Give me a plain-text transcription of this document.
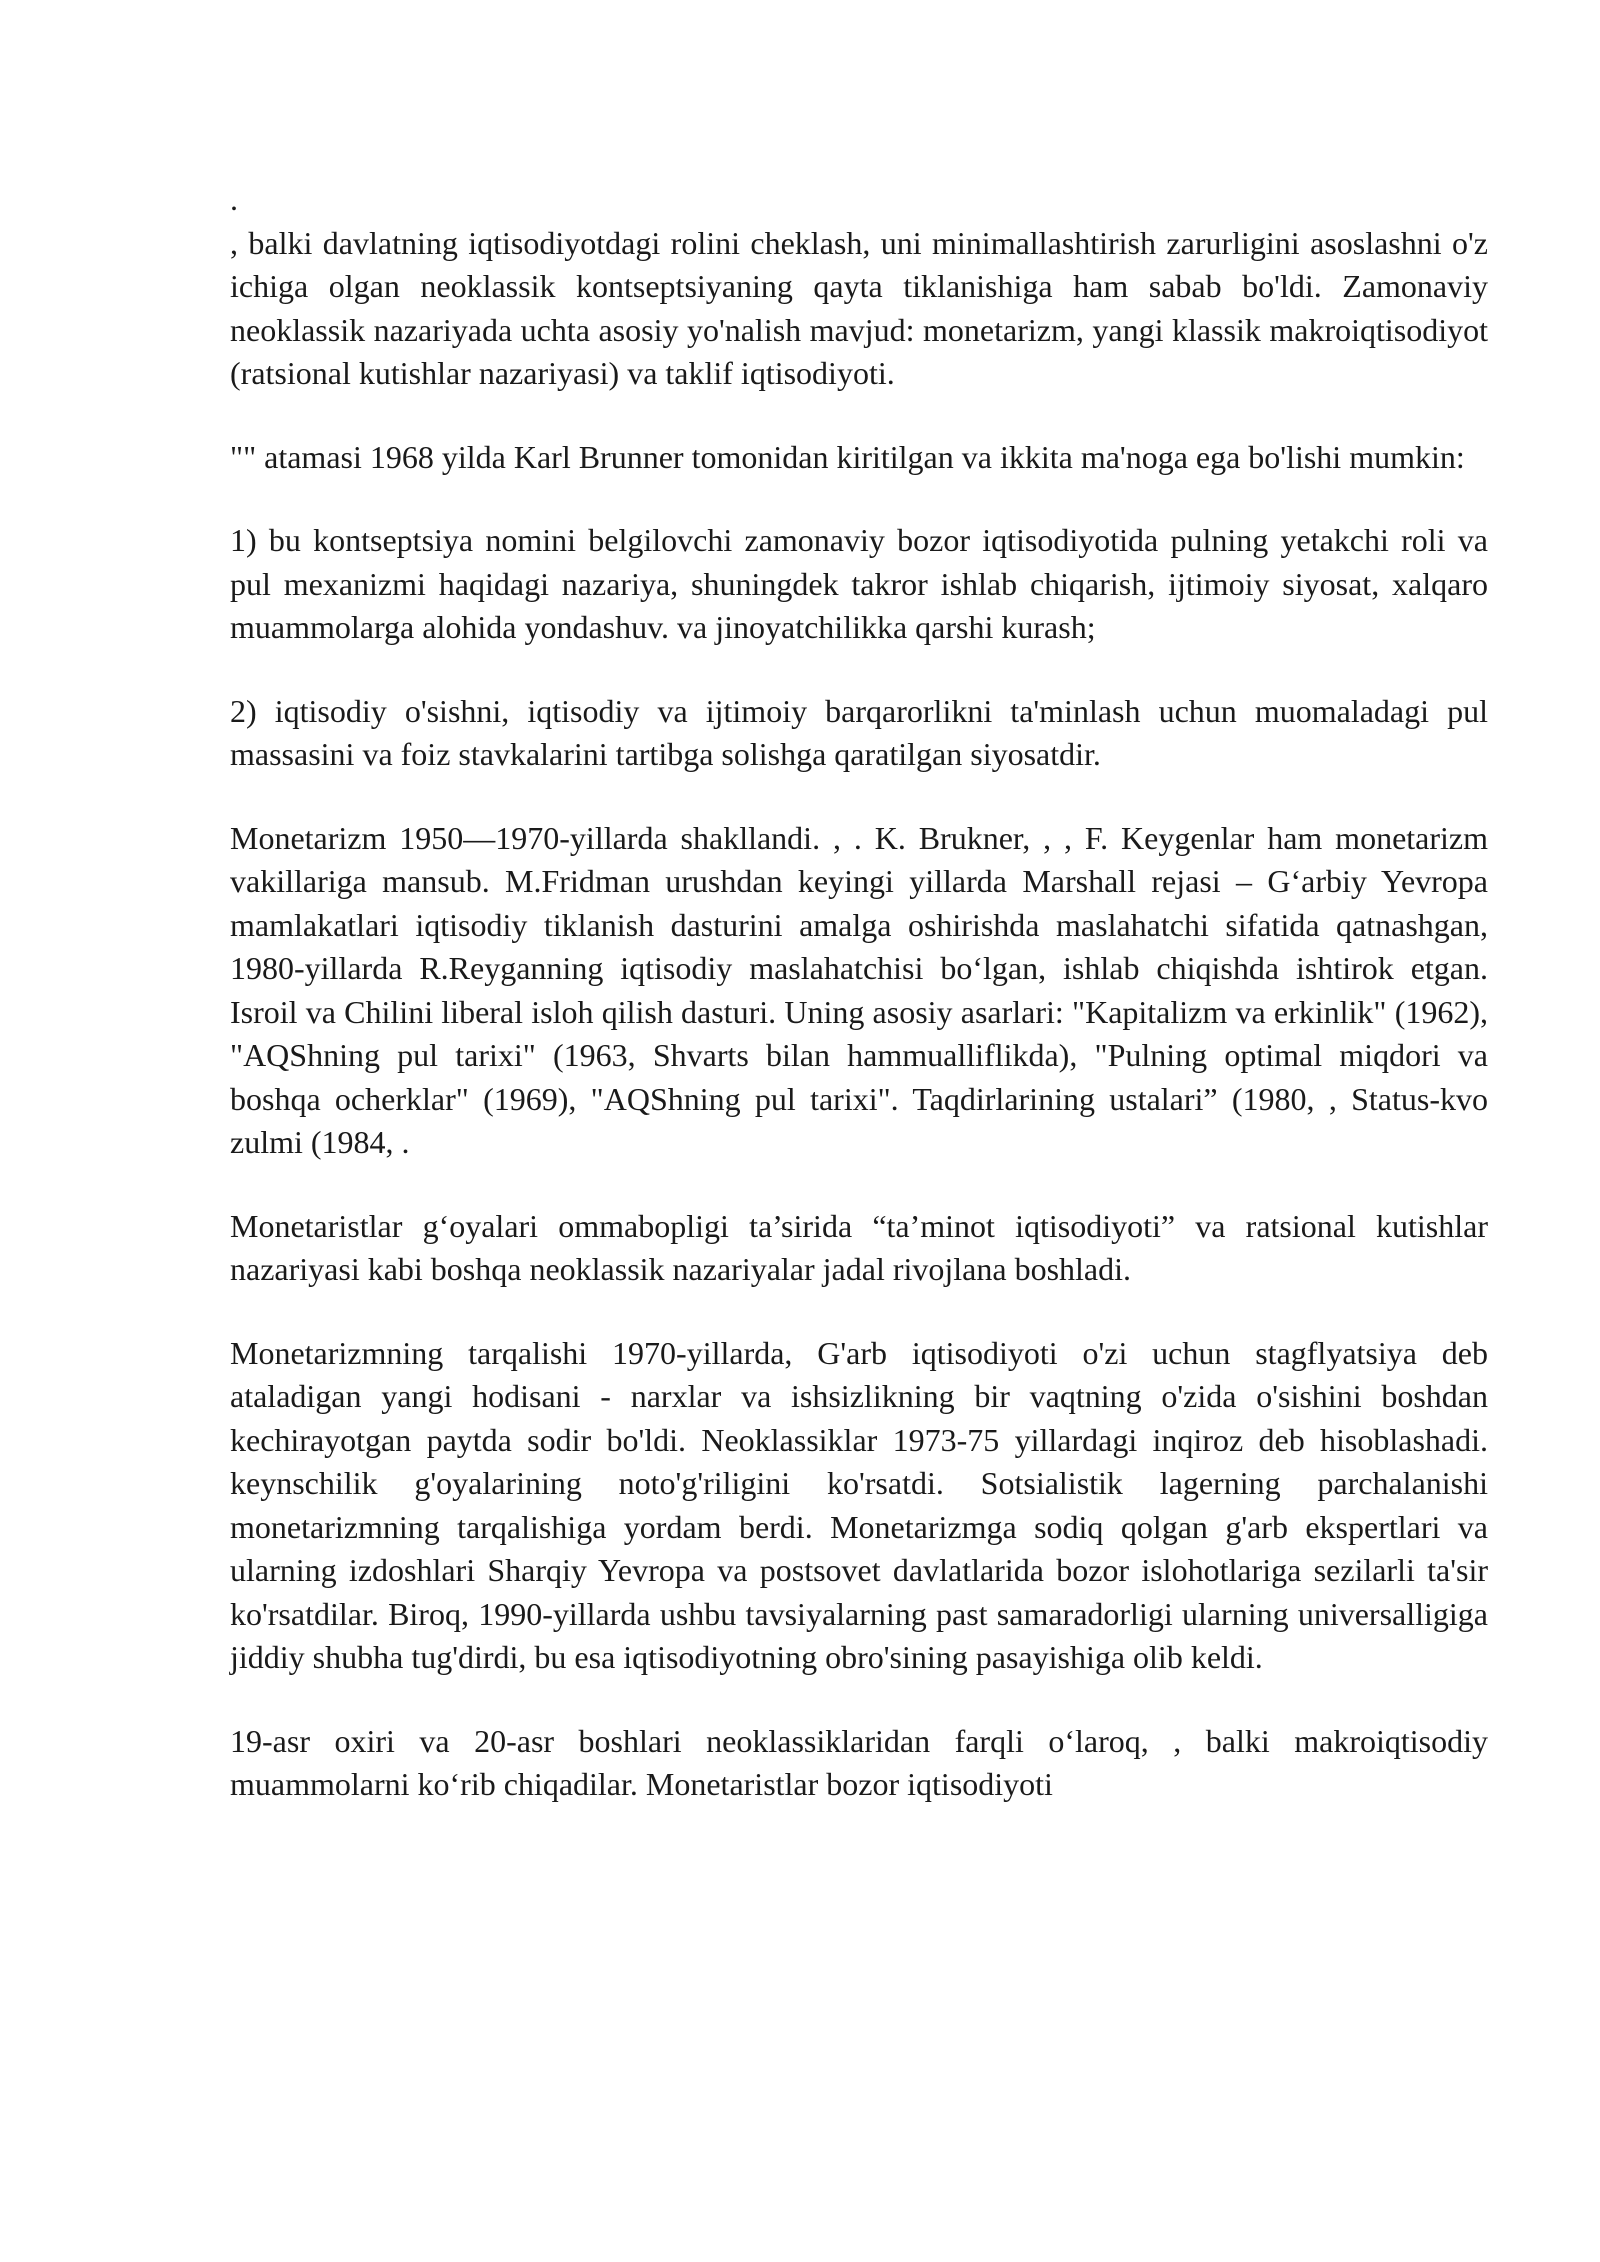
.

, balki davlatning iqtisodiyotdagi rolini cheklash, uni minimallashtirish zarurligini asoslashni o'z ichiga olgan neoklassik kontseptsiyaning qayta tiklanishiga ham sabab bo'ldi. Zamonaviy neoklassik nazariyada uchta asosiy yo'nalish mavjud: monetarizm, yangi klassik makroiqtisodiyot (ratsional kutishlar nazariyasi) va taklif iqtisodiyoti.

"" atamasi 1968 yilda Karl Brunner tomonidan kiritilgan va ikkita ma'noga ega bo'lishi mumkin:

1) bu kontseptsiya nomini belgilovchi zamonaviy bozor iqtisodiyotida pulning yetakchi roli va pul mexanizmi haqidagi nazariya, shuningdek takror ishlab chiqarish, ijtimoiy siyosat, xalqaro muammolarga alohida yondashuv. va jinoyatchilikka qarshi kurash;

2) iqtisodiy o'sishni, iqtisodiy va ijtimoiy barqarorlikni ta'minlash uchun muomaladagi pul massasini va foiz stavkalarini tartibga solishga qaratilgan siyosatdir.

Monetarizm 1950—1970-yillarda shakllandi. , . K. Brukner, , , F. Keygenlar ham monetarizm vakillariga mansub. M.Fridman urushdan keyingi yillarda Marshall rejasi – G‘arbiy Yevropa mamlakatlari iqtisodiy tiklanish dasturini amalga oshirishda maslahatchi sifatida qatnashgan, 1980-yillarda R.Reyganning iqtisodiy maslahatchisi bo‘lgan, ishlab chiqishda ishtirok etgan. Isroil va Chilini liberal isloh qilish dasturi. Uning asosiy asarlari: "Kapitalizm va erkinlik" (1962), "AQShning pul tarixi" (1963, Shvarts bilan hammualliflikda), "Pulning optimal miqdori va boshqa ocherklar" (1969), "AQShning pul tarixi". Taqdirlarining ustalari” (1980, , Status-kvo zulmi (1984, .

Monetaristlar g‘oyalari ommabopligi ta’sirida “ta’minot iqtisodiyoti” va ratsional kutishlar nazariyasi kabi boshqa neoklassik nazariyalar jadal rivojlana boshladi.

Monetarizmning tarqalishi 1970-yillarda, G'arb iqtisodiyoti o'zi uchun stagflyatsiya deb ataladigan yangi hodisani - narxlar va ishsizlikning bir vaqtning o'zida o'sishini boshdan kechirayotgan paytda sodir bo'ldi. Neoklassiklar 1973-75 yillardagi inqiroz deb hisoblashadi. keynschilik g'oyalarining noto'g'riligini ko'rsatdi. Sotsialistik lagerning parchalanishi monetarizmning tarqalishiga yordam berdi. Monetarizmga sodiq qolgan g'arb ekspertlari va ularning izdoshlari Sharqiy Yevropa va postsovet davlatlarida bozor islohotlariga sezilarli ta'sir ko'rsatdilar. Biroq, 1990-yillarda ushbu tavsiyalarning past samaradorligi ularning universalligiga jiddiy shubha tug'dirdi, bu esa iqtisodiyotning obro'sining pasayishiga olib keldi.

19-asr oxiri va 20-asr boshlari neoklassiklaridan farqli o‘laroq, , balki makroiqtisodiy muammolarni ko‘rib chiqadilar. Monetaristlar bozor iqtisodiyoti
